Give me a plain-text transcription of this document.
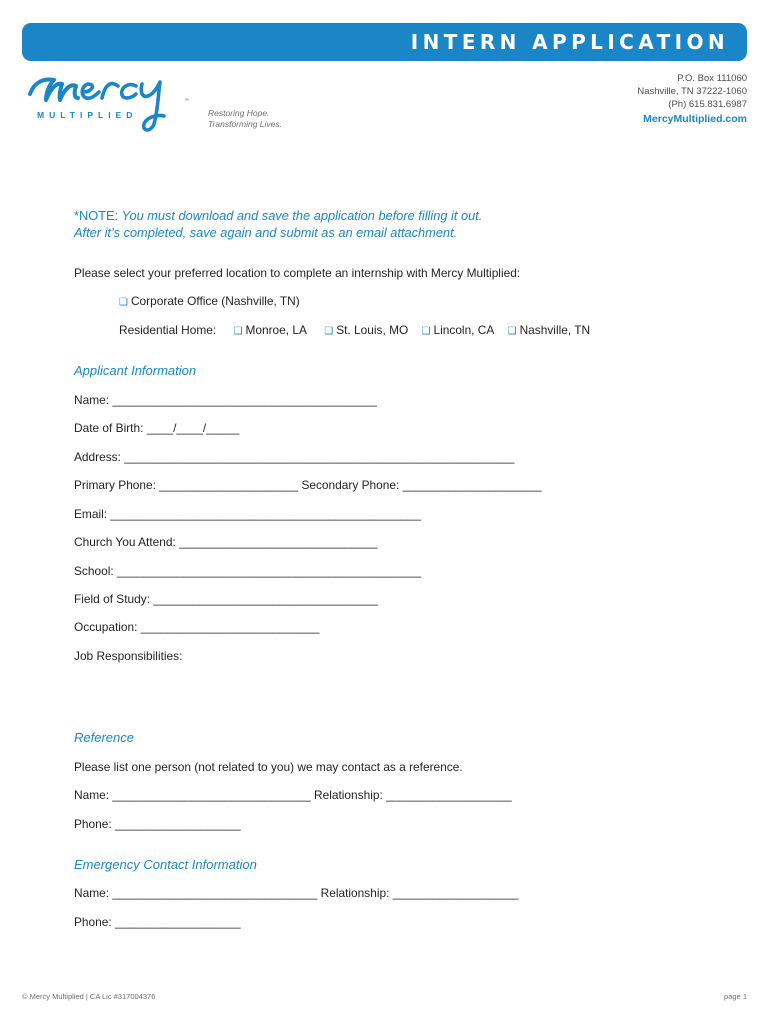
INTERN APPLICATION
™
MULTIPLIED	Restoring Hope.
Transforming Lives.
P.O. Box 111060
Nashville, TN 37222-1060
(Ph) 615.831.6987
MercyMultiplied.com
*NOTE: You must download and save the application before filling it out.
After it’s completed, save again and submit as an email attachment.
Please select your preferred location to complete an internship with Mercy Multiplied:
❑ Corporate Office (Nashville, TN)
Residential Home: ❑ Monroe, LA ❑ St. Louis, MO ❑ Lincoln, CA ❑ Nashville, TN
Applicant Information
Name: ________________________________________
Date of Birth: ____/____/_____
Address: ___________________________________________________________
Primary Phone: _____________________ Secondary Phone: _____________________
Email: _______________________________________________
Church You Attend: ______________________________
School: ______________________________________________
Field of Study: __________________________________
Occupation: ___________________________
Job Responsibilities:
Reference
Please list one person (not related to you) we may contact as a reference.
Name: ______________________________ Relationship: ___________________
Phone: ___________________
Emergency Contact Information
Name: _______________________________ Relationship: ___________________
Phone: ___________________
© Mercy Multiplied | CA Lic #317004376	page 1
